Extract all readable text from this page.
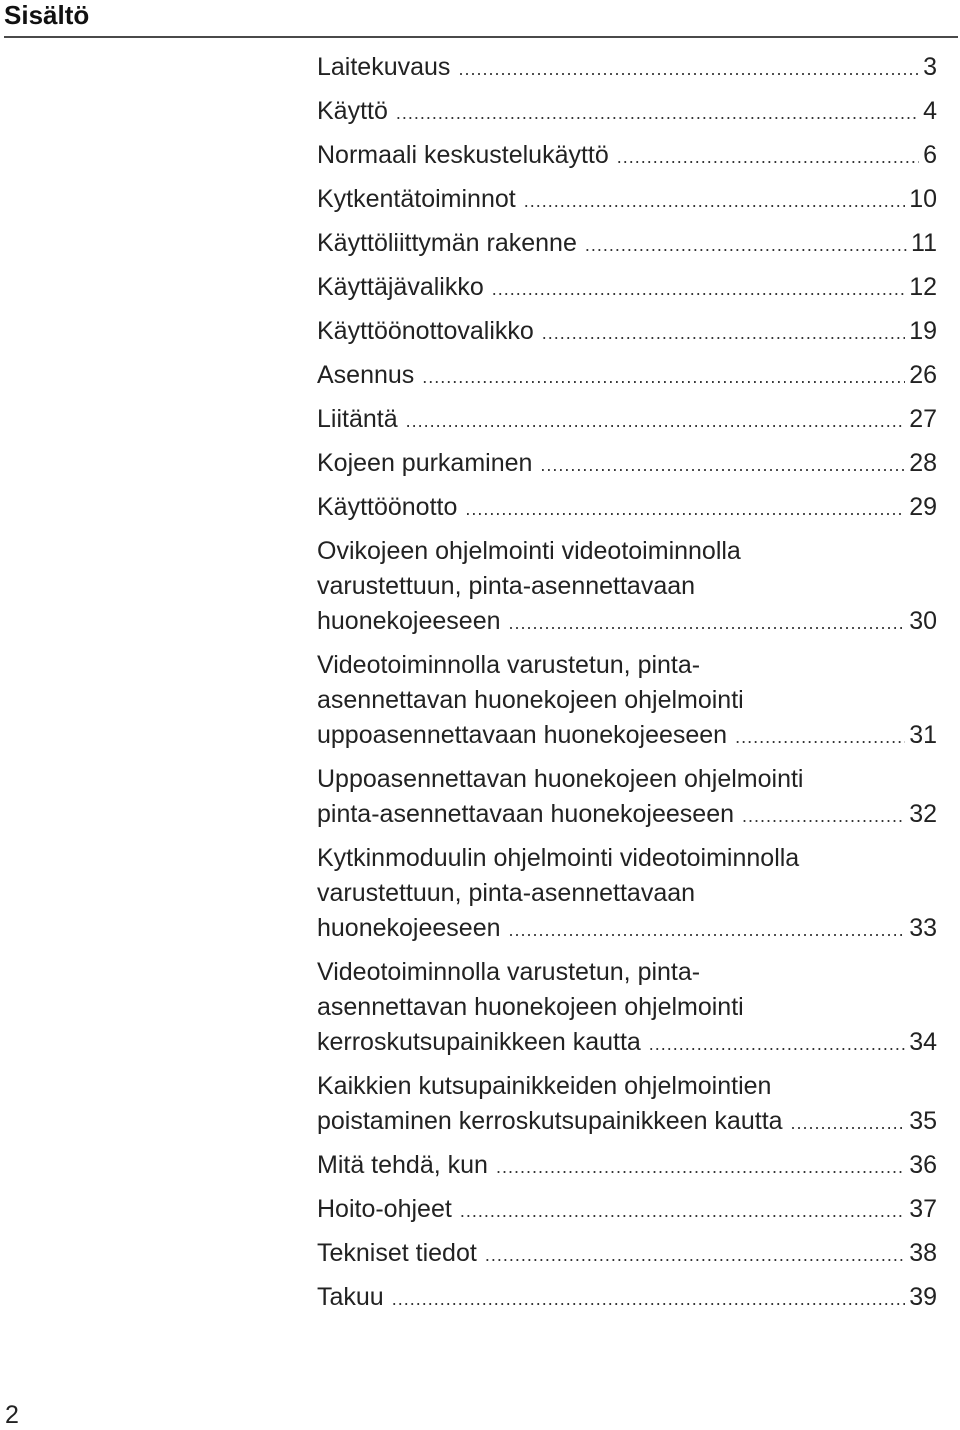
Sisältö
Laitekuvaus .....	3
Käyttö .....	4
Normaali keskustelukäyttö .....	6
Kytkentätoiminnot .....	10
Käyttöliittymän rakenne .....	11
Käyttäjävalikko .....	12
Käyttöönottovalikko .....	19
Asennus .....	26
Liitäntä .....	27
Kojeen purkaminen .....	28
Käyttöönotto .....	29
Ovikojeen ohjelmointi videotoiminnolla
varustettuun, pinta-asennettavaan
huonekojeeseen .....	30
Videotoiminnolla varustetun, pinta-
asennettavan huonekojeen ohjelmointi
uppoasennettavaan huonekojeeseen .....	31
Uppoasennettavan huonekojeen ohjelmointi
pinta-asennettavaan huonekojeeseen .....	32
Kytkinmoduulin ohjelmointi videotoiminnolla
varustettuun, pinta-asennettavaan
huonekojeeseen .....	33
Videotoiminnolla varustetun, pinta-
asennettavan huonekojeen ohjelmointi
kerroskutsupainikkeen kautta .....	34
Kaikkien kutsupainikkeiden ohjelmointien
poistaminen kerroskutsupainikkeen kautta .....	35
Mitä tehdä, kun .....	36
Hoito-ohjeet .....	37
Tekniset tiedot .....	38
Takuu .....	39
2
